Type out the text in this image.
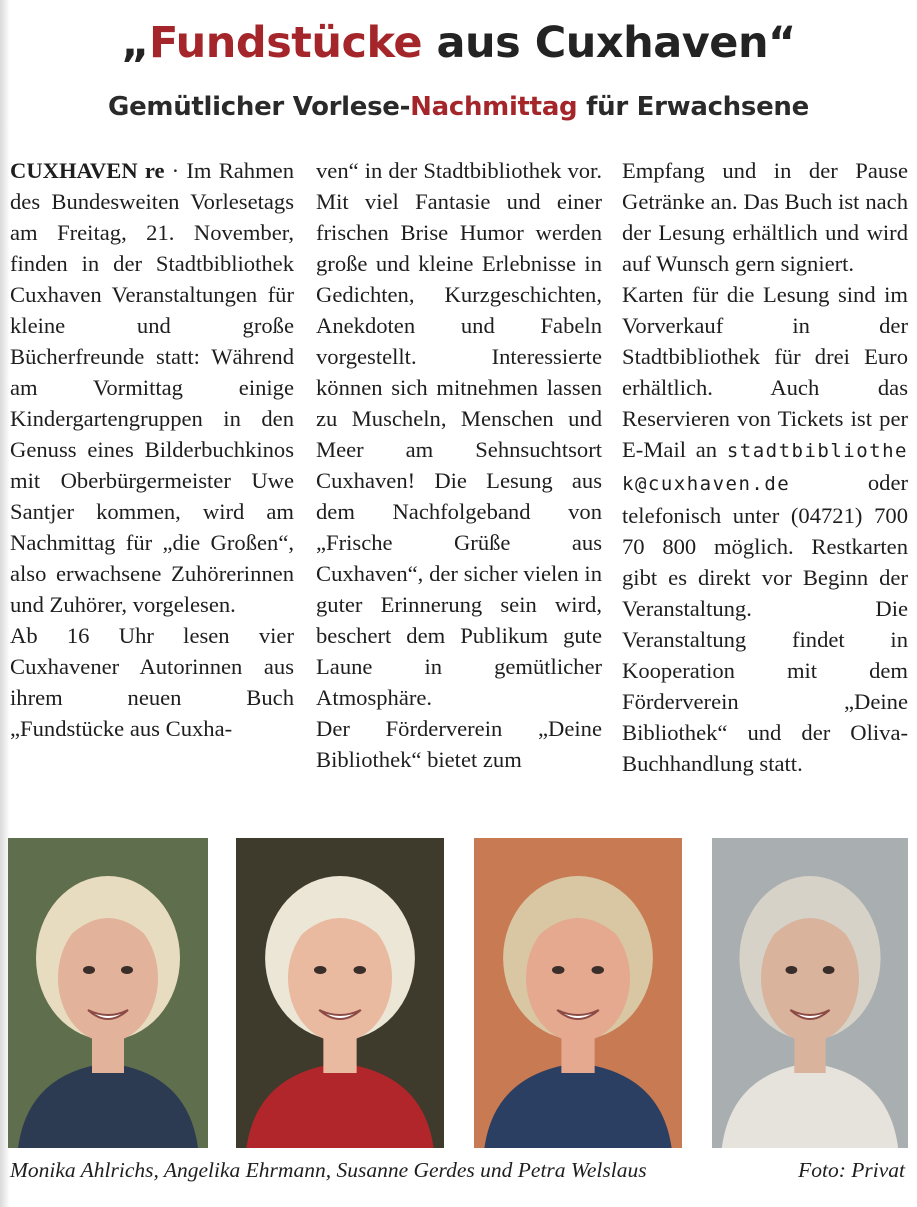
„Fundstücke aus Cuxhaven“
Gemütlicher Vorlese-Nachmittag für Erwachsene

CUXHAVEN re · Im Rahmen des Bundesweiten Vorlesetags am Freitag, 21. November, finden in der Stadtbibliothek Cuxhaven Veranstaltungen für kleine und große Bücherfreunde statt: Während am Vormittag einige Kindergartengruppen in den Genuss eines Bilderbuchkinos mit Oberbürgermeister Uwe Santjer kommen, wird am Nachmittag für „die Großen“, also erwachsene Zuhörerinnen und Zuhörer, vorgelesen.

Ab 16 Uhr lesen vier Cuxhavener Autorinnen aus ihrem neuen Buch „Fundstücke aus Cuxha-

ven“ in der Stadtbibliothek vor. Mit viel Fantasie und einer frischen Brise Humor werden große und kleine Erlebnisse in Gedichten, Kurzgeschichten, Anekdoten und Fabeln vorgestellt. Interessierte können sich mitnehmen lassen zu Muscheln, Menschen und Meer am Sehnsuchtsort Cuxhaven! Die Lesung aus dem Nachfolgeband von „Frische Grüße aus Cuxhaven“, der sicher vielen in guter Erinnerung sein wird, beschert dem Publikum gute Laune in gemütlicher Atmosphäre.

Der Förderverein „Deine Bibliothek“ bietet zum

Empfang und in der Pause Getränke an. Das Buch ist nach der Lesung erhältlich und wird auf Wunsch gern signiert.

Karten für die Lesung sind im Vorverkauf in der Stadtbibliothek für drei Euro erhältlich. Auch das Reservieren von Tickets ist per E-Mail an stadtbibliothek@cuxhaven.de oder telefonisch unter (04721) 700 70 800 möglich. Restkarten gibt es direkt vor Beginn der Veranstaltung. Die Veranstaltung findet in Kooperation mit dem Förderverein „Deine Bibliothek“ und der Oliva-Buchhandlung statt.

Monika Ahlrichs, Angelika Ehrmann, Susanne Gerdes und Petra Welslaus	Foto: Privat
